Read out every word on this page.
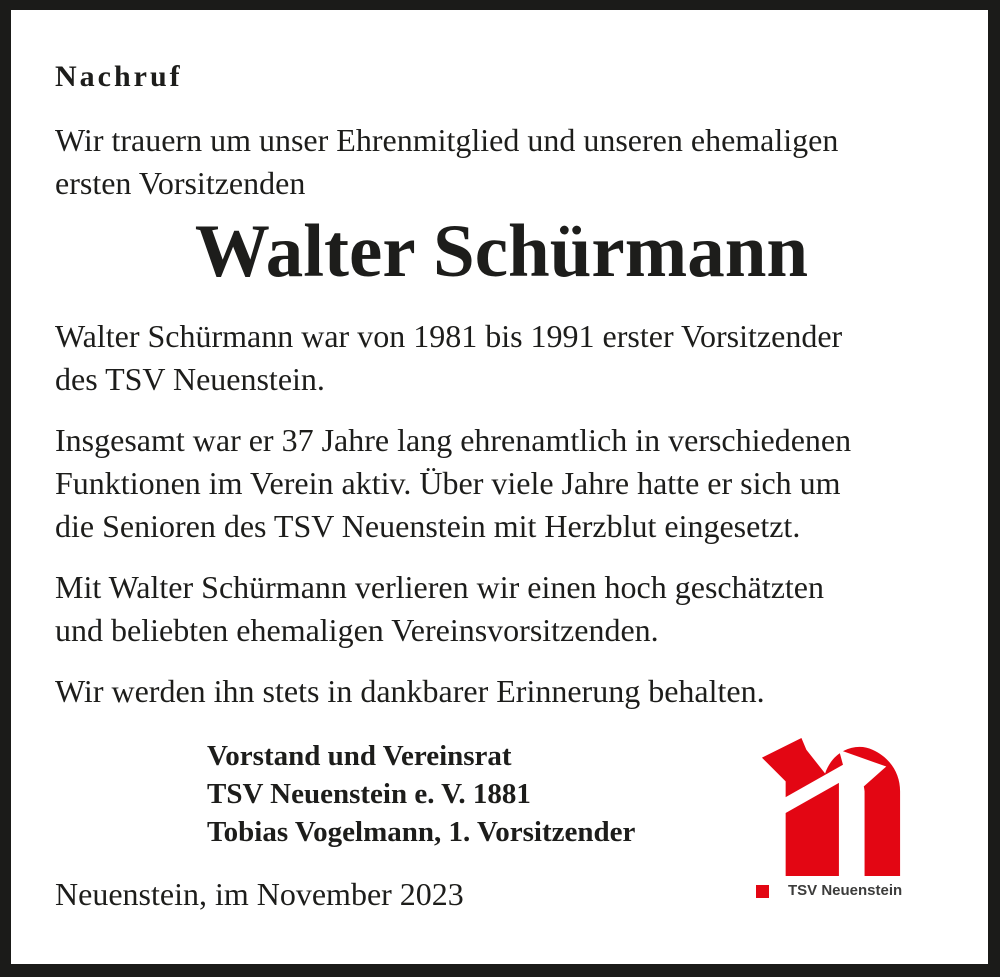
Nachruf
Wir trauern um unser Ehrenmitglied und unseren ehemaligen
ersten Vorsitzenden
Walter Schürmann
Walter Schürmann war von 1981 bis 1991 erster Vorsitzender
des TSV Neuenstein.
Insgesamt war er 37 Jahre lang ehrenamtlich in verschiedenen
Funktionen im Verein aktiv. Über viele Jahre hatte er sich um
die Senioren des TSV Neuenstein mit Herzblut eingesetzt.
Mit Walter Schürmann verlieren wir einen hoch geschätzten
und beliebten ehemaligen Vereinsvorsitzenden.
Wir werden ihn stets in dankbarer Erinnerung behalten.
Vorstand und Vereinsrat
TSV Neuenstein e. V. 1881
Tobias Vogelmann, 1. Vorsitzender
Neuenstein, im November 2023	TSV Neuenstein
